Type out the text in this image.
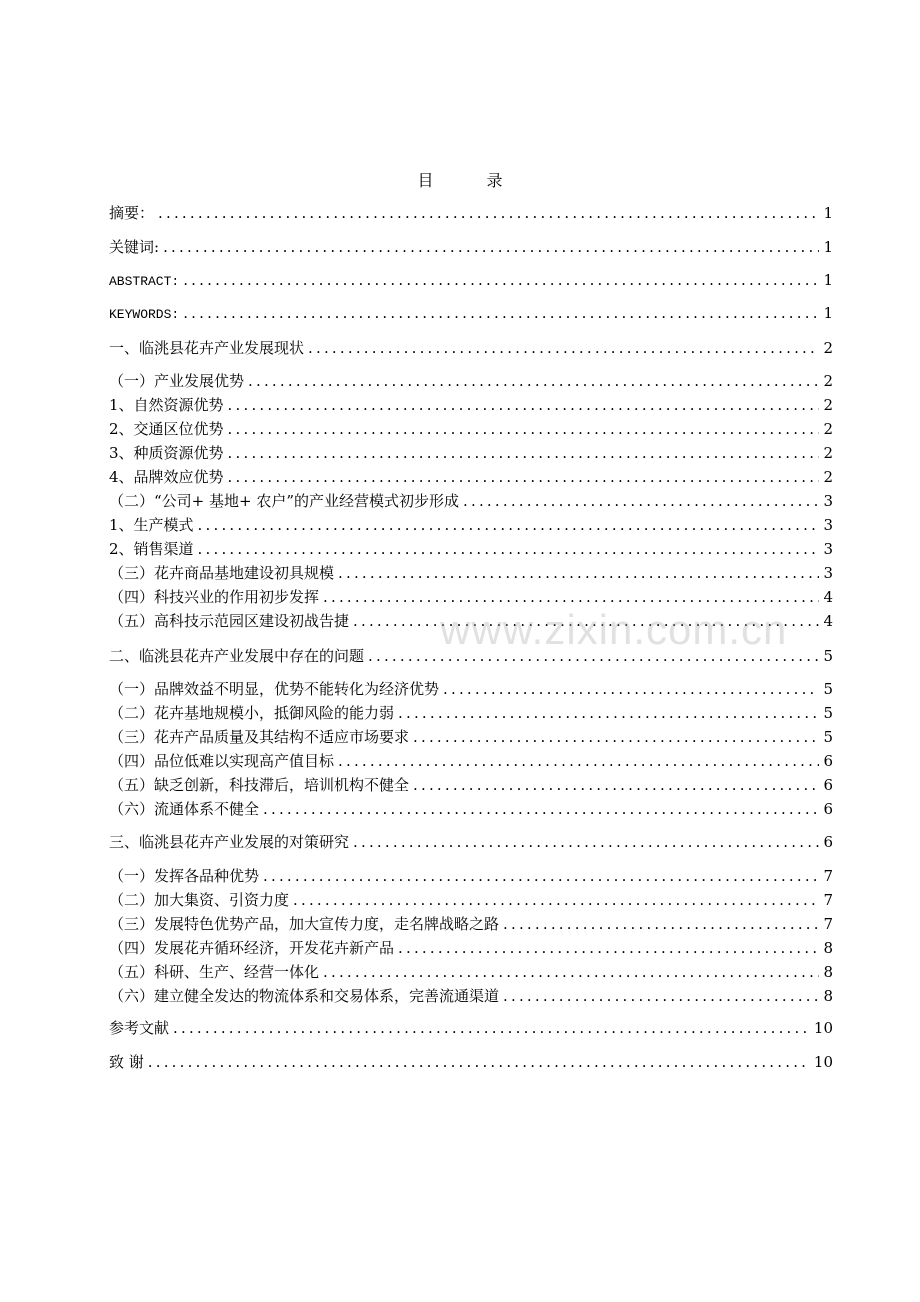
目 录
摘要： .....	1
关键词: .....	1
ABSTRACT: .....	1
KEYWORDS: .....	1
一、临洮县花卉产业发展现状 .....	2
（一）产业发展优势 .....	2
1、自然资源优势 .....	2
2、交通区位优势 .....	2
3、种质资源优势 .....	2
4、品牌效应优势 .....	2
（二）“公司+ 基地+ 农户”的产业经营模式初步形成 .....	3
1、生产模式 .....	3
2、销售渠道 .....	3
（三）花卉商品基地建设初具规模 .....	3
（四）科技兴业的作用初步发挥 .....	4
（五）高科技示范园区建设初战告捷 .....	4
二、临洮县花卉产业发展中存在的问题 .....	5
（一）品牌效益不明显，优势不能转化为经济优势 .....	5
（二）花卉基地规模小，抵御风险的能力弱 .....	5
（三）花卉产品质量及其结构不适应市场要求 .....	5
（四）品位低难以实现高产值目标 .....	6
（五）缺乏创新，科技滞后，培训机构不健全 .....	6
（六）流通体系不健全 .....	6
三、临洮县花卉产业发展的对策研究 .....	6
（一）发挥各品种优势 .....	7
（二）加大集资、引资力度 .....	7
（三）发展特色优势产品，加大宣传力度，走名牌战略之路 .....	7
（四）发展花卉循环经济，开发花卉新产品 .....	8
（五）科研、生产、经营一体化 .....	8
（六）建立健全发达的物流体系和交易体系，完善流通渠道 .....	8
参考文献 .....	10
致 谢 .....	10
www.zixin.com.cn
